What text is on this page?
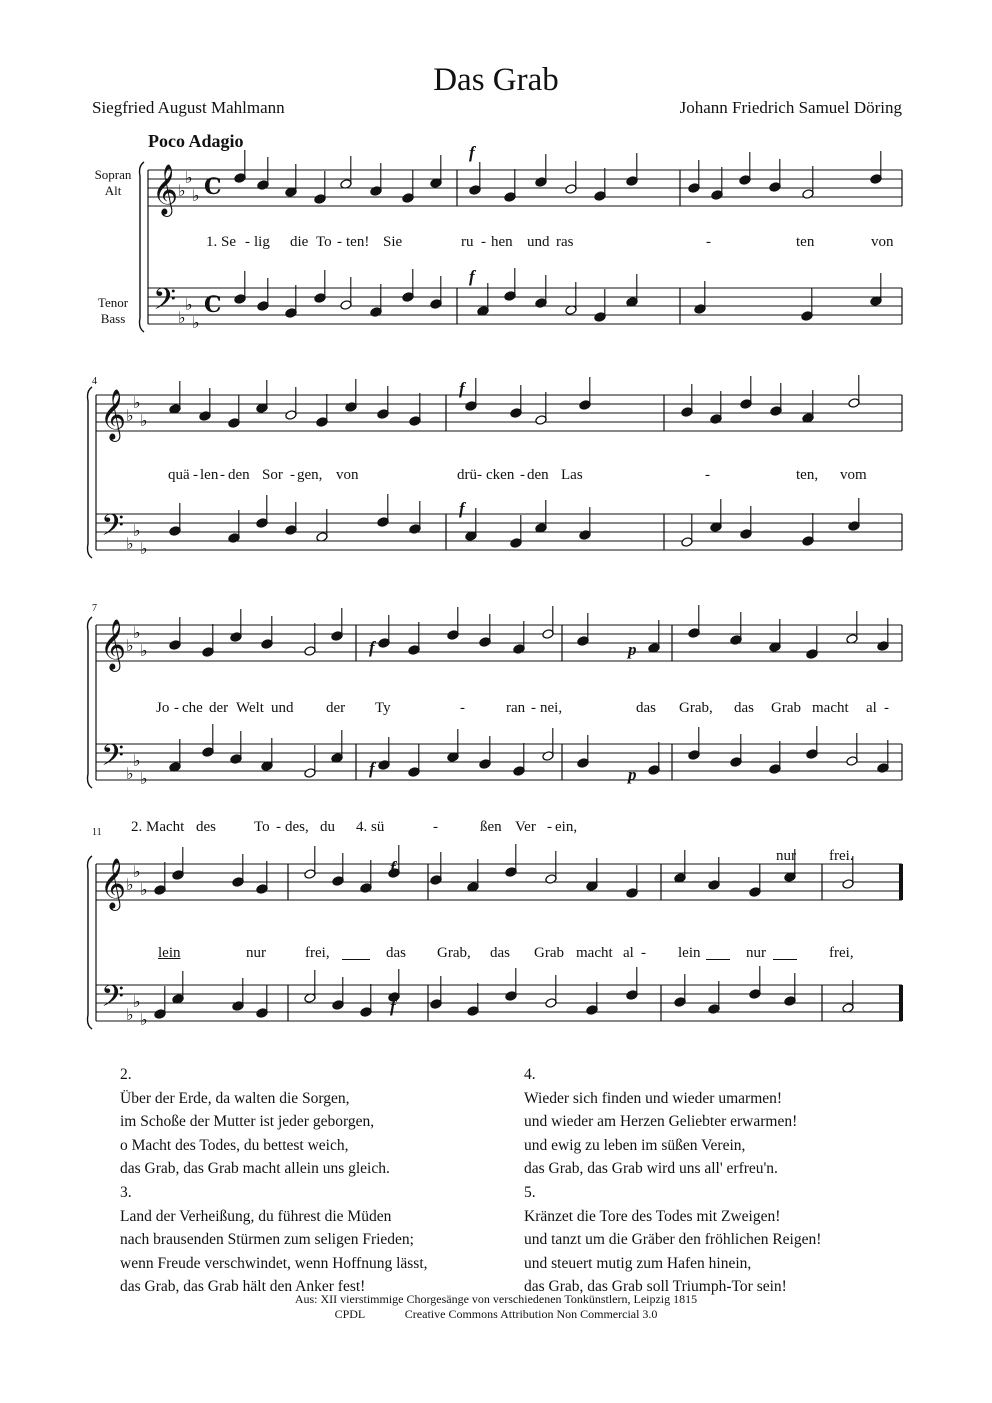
Das Grab
Siegfried August Mahlmann	Johann Friedrich Samuel Döring
Poco Adagio
Sopran
Alt
Tenor
Bass
4
7
11
𝄞
𝄢
♭
♭
♭
♭
♭
♭
𝄞
𝄢
♭
♭
♭
♭
♭
♭
𝄞
𝄢
♭
♭
♭
♭
♭
♭
𝄞
𝄢
♭
♭
♭
♭
♭
♭
C
C
f
f
f
f
f
f
p
p
f
f
1. Se - lig die To - ten! Sie	ru - hen und ras	-	ten	von
quä - len - den Sor - gen, von	drü - cken - den Las	-	ten, vom
Jo - che der Welt und der Ty	-	ran - nei,	das Grab, das Grab macht al -
2. Macht des	To - des, du 4. sü	-	ßen Ver - ein,
nur frei.
lein	nur	frei,	das Grab, das Grab macht al - lein	nur	frei,
2.
Über der Erde, da walten die Sorgen,
im Schoße der Mutter ist jeder geborgen,
o Macht des Todes, du bettest weich,
das Grab, das Grab macht allein uns gleich.
3.
Land der Verheißung, du führest die Müden
nach brausenden Stürmen zum seligen Frieden;
wenn Freude verschwindet, wenn Hoffnung lässt,
das Grab, das Grab hält den Anker fest!
4.
Wieder sich finden und wieder umarmen!
und wieder am Herzen Geliebter erwarmen!
und ewig zu leben im süßen Verein,
das Grab, das Grab wird uns all' erfreu'n.
5.
Kränzet die Tore des Todes mit Zweigen!
und tanzt um die Gräber den fröhlichen Reigen!
und steuert mutig zum Hafen hinein,
das Grab, das Grab soll Triumph-Tor sein!
Aus: XII vierstimmige Chorgesänge von verschiedenen Tonkünstlern, Leipzig 1815
CPDL	Creative Commons Attribution Non Commercial 3.0
